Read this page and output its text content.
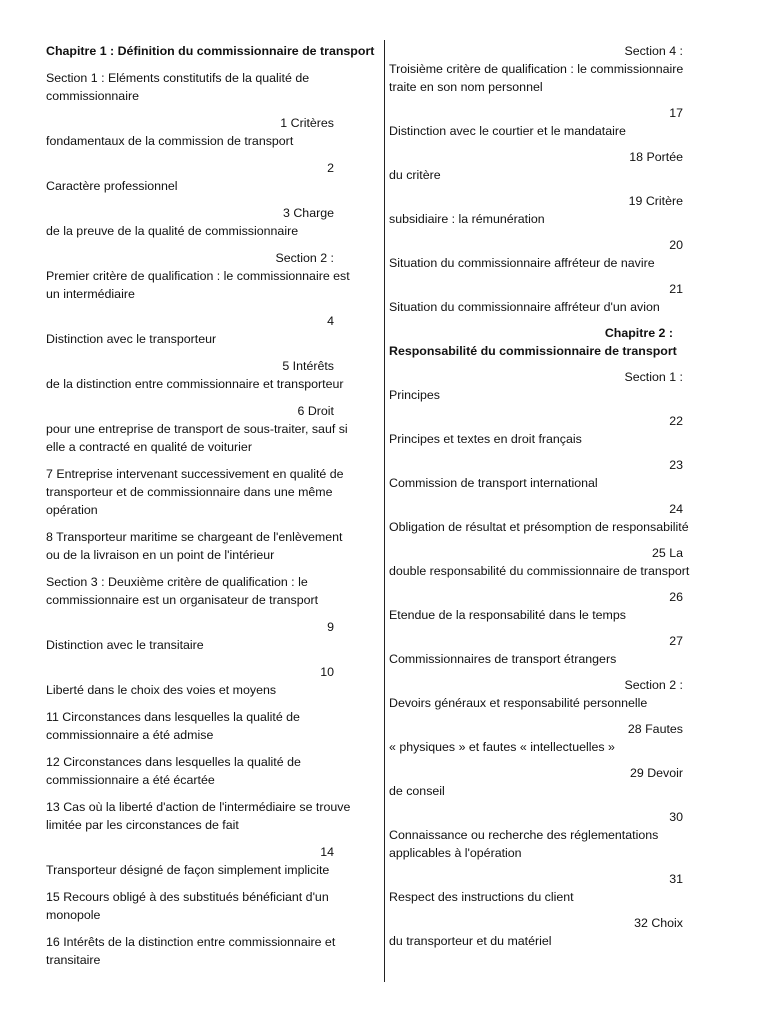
Chapitre 1 : Définition du commissionnaire de transport
Section 1 : Eléments constitutifs de la qualité de
commissionnaire
1 Critères
fondamentaux de la commission de transport
2
Caractère professionnel
3 Charge
de la preuve de la qualité de commissionnaire
Section 2 :
Premier critère de qualification : le commissionnaire est
un intermédiaire
4
Distinction avec le transporteur
5 Intérêts
de la distinction entre commissionnaire et transporteur
6 Droit
pour une entreprise de transport de sous-traiter, sauf si
elle a contracté en qualité de voiturier
7 Entreprise intervenant successivement en qualité de
transporteur et de commissionnaire dans une même
opération
8 Transporteur maritime se chargeant de l'enlèvement
ou de la livraison en un point de l'intérieur
Section 3 : Deuxième critère de qualification : le
commissionnaire est un organisateur de transport
9
Distinction avec le transitaire
10
Liberté dans le choix des voies et moyens
11 Circonstances dans lesquelles la qualité de
commissionnaire a été admise
12 Circonstances dans lesquelles la qualité de
commissionnaire a été écartée
13 Cas où la liberté d'action de l'intermédiaire se trouve
limitée par les circonstances de fait
14
Transporteur désigné de façon simplement implicite
15 Recours obligé à des substitués bénéficiant d'un
monopole
16 Intérêts de la distinction entre commissionnaire et
transitaire
Section 4 :
Troisième critère de qualification : le commissionnaire
traite en son nom personnel
17
Distinction avec le courtier et le mandataire
18 Portée
du critère
19 Critère
subsidiaire : la rémunération
20
Situation du commissionnaire affréteur de navire
21
Situation du commissionnaire affréteur d'un avion
Chapitre 2 :
Responsabilité du commissionnaire de transport
Section 1 :
Principes
22
Principes et textes en droit français
23
Commission de transport international
24
Obligation de résultat et présomption de responsabilité
25 La
double responsabilité du commissionnaire de transport
26
Etendue de la responsabilité dans le temps
27
Commissionnaires de transport étrangers
Section 2 :
Devoirs généraux et responsabilité personnelle
28 Fautes
« physiques » et fautes « intellectuelles »
29 Devoir
de conseil
30
Connaissance ou recherche des réglementations
applicables à l'opération
31
Respect des instructions du client
32 Choix
du transporteur et du matériel
